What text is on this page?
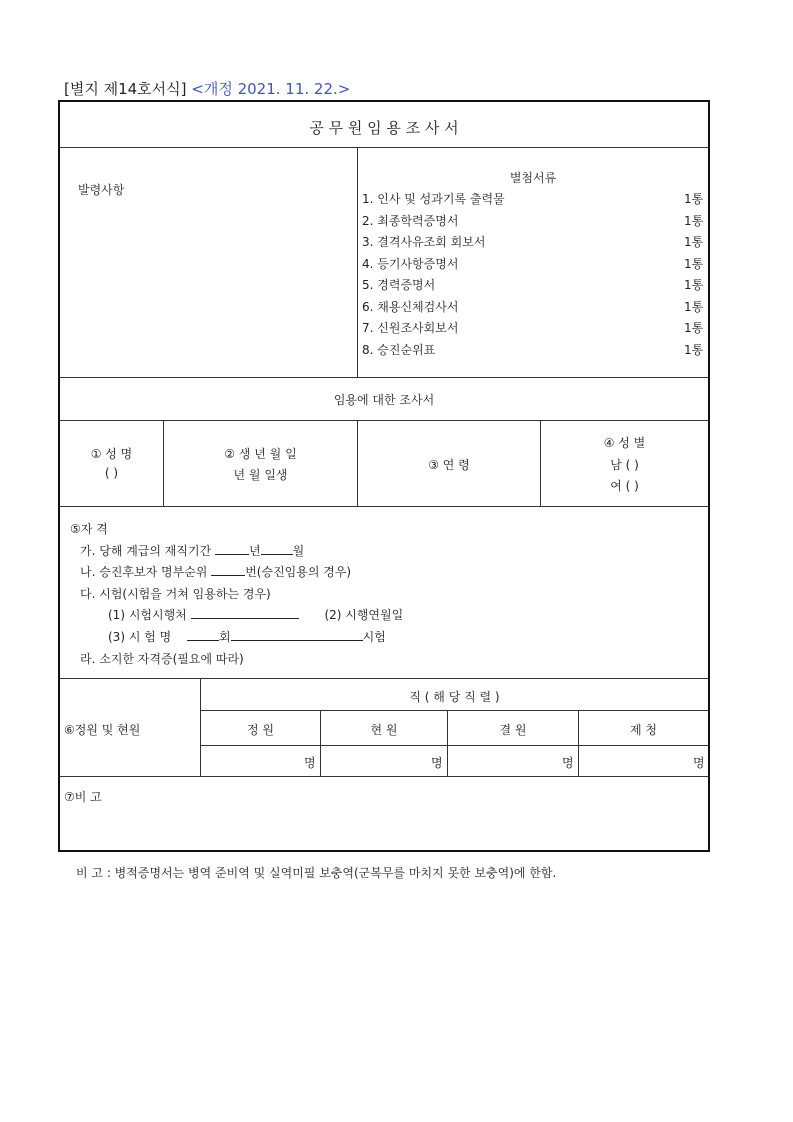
[별지 제14호서식] <개정 2021. 11. 22.>
공 무 원 임 용 조 사 서
발령사항
별첨서류
1. 인사 및 성과기록 출력물	1통
2. 최종학력증명서	1통
3. 결격사유조회 회보서	1통
4. 등기사항증명서	1통
5. 경력증명서	1통
6. 채용신체검사서	1통
7. 신원조사회보서	1통
8. 승진순위표	1통
임용에 대한 조사서
① 성 명
( )
② 생 년 월 일
년 월 일생
③ 연 령
④ 성 별
남 ( )
여 ( )
⑤자 격
가. 당해 계급의 재직기간	년	월
나. 승진후보자 명부순위	번(승진임용의 경우)
다. 시험(시험을 거쳐 임용하는 경우)
(1) 시험시행처	(2) 시행연월일
(3) 시 험 명	회	시험
라. 소지한 자격증(필요에 따라)
⑥정원 및 현원
직 ( 해 당 직 렬 )
정 원	현 원	결 원	제 청
명	명	명	명
⑦비 고
비 고 : 병적증명서는 병역 준비역 및 실역미필 보충역(군복무를 마치지 못한 보충역)에 한함.
